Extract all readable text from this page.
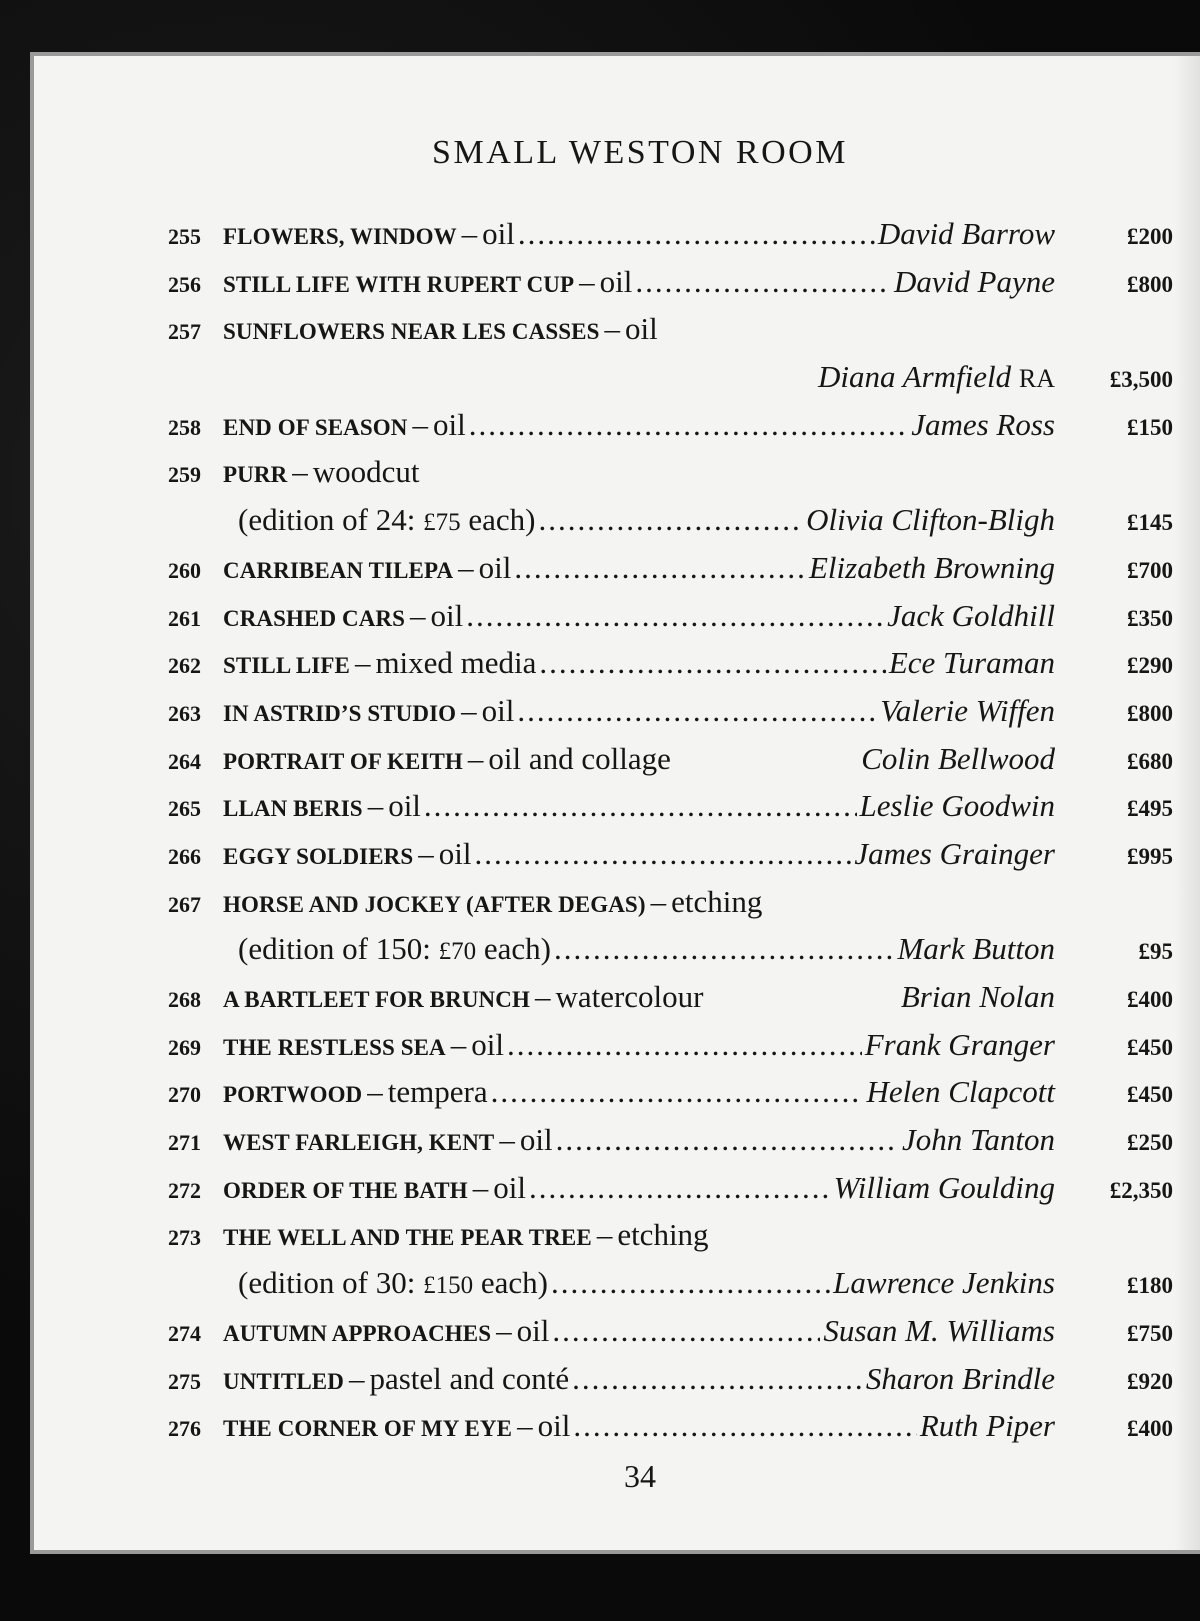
SMALL WESTON ROOM
255 FLOWERS, WINDOW – oil .....	David Barrow	£200
256 STILL LIFE WITH RUPERT CUP – oil .....	David Payne	£800
257 SUNFLOWERS NEAR LES CASSES – oil
Diana Armfield RA	£3,500
258 END OF SEASON – oil .....	James Ross	£150
259 PURR – woodcut
(edition of 24: £75 each) .....	Olivia Clifton-Bligh	£145
260 CARRIBEAN TILEPA – oil .....	Elizabeth Browning	£700
261 CRASHED CARS – oil .....	Jack Goldhill	£350
262 STILL LIFE – mixed media .....	Ece Turaman	£290
263 IN ASTRID’S STUDIO – oil .....	Valerie Wiffen	£800
264 PORTRAIT OF KEITH – oil and collage	Colin Bellwood	£680
265 LLAN BERIS – oil .....	Leslie Goodwin	£495
266 EGGY SOLDIERS – oil .....	James Grainger	£995
267 HORSE AND JOCKEY (AFTER DEGAS) – etching
(edition of 150: £70 each) .....	Mark Button	£95
268 A BARTLEET FOR BRUNCH – watercolour	Brian Nolan	£400
269 THE RESTLESS SEA – oil .....	Frank Granger	£450
270 PORTWOOD – tempera .....	Helen Clapcott	£450
271 WEST FARLEIGH, KENT – oil .....	John Tanton	£250
272 ORDER OF THE BATH – oil .....	William Goulding	£2,350
273 THE WELL AND THE PEAR TREE – etching
(edition of 30: £150 each) .....	Lawrence Jenkins	£180
274 AUTUMN APPROACHES – oil .....	Susan M. Williams	£750
275 UNTITLED – pastel and conté .....	Sharon Brindle	£920
276 THE CORNER OF MY EYE – oil .....	Ruth Piper	£400
34
